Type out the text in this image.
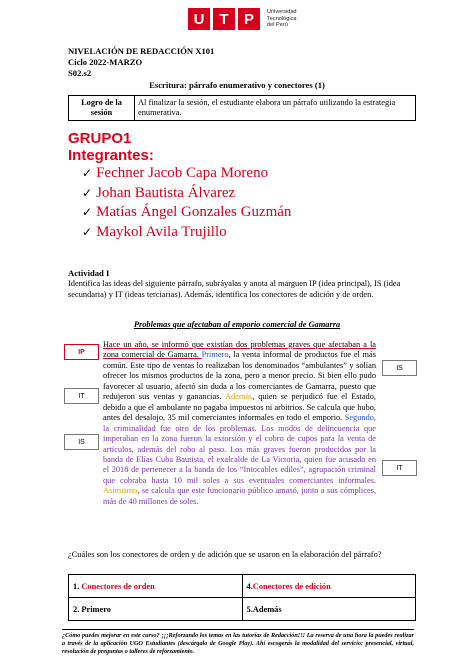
U T	P	Universidad
Tecnológica
del Perú
NIVELACIÓN DE REDACCIÓN X101
Ciclo 2022-MARZO
S02.s2
Escritura: párrafo enumerativo y conectores (1)
Logro de la sesión	Al finalizar la sesión, el estudiante elabora un párrafo utilizando la estrategia enumerativa.
GRUPO1
Integrantes:
✓ Fechner Jacob Capa Moreno
✓ Johan Bautista Álvarez
✓ Matías Ángel Gonzales Guzmán
✓ Maykol Avila Trujillo
Actividad I
Identifica las ideas del siguiente párrafo, subráyalas y anota al marguen IP (idea principal), IS (idea secundaria) y IT (ideas terciarias). Además, identifica los conectores de adición y de orden.
Problemas que afectaban al emporio comercial de Gamarra
Hace un año, se informó que existían dos problemas graves que afectaban a la zona comercial de Gamarra. Primero, la venta informal de productos fue el más común. Este tipo de ventas lo realizaban los denominados “ambulantes” y solían ofrecer los mismos productos de la zona, pero a menor precio. Si bien ello pudo favorecer al usuario, afectó sin duda a los comerciantes de Gamarra, puesto que redujeron sus ventas y ganancias. Además, quien se perjudicó fue el Estado, debido a que el ambulante no pagaba impuestos ni arbitrios. Se calcula que hubo, antes del desalojo, 35 mil comerciantes informales en todo el emporio. Segundo, la criminalidad fue otro de los problemas. Los modos de delincuencia que imperaban en la zona fueron la extorsión y el cobro de cupos para la venta de artículos, además del robo al paso. Los más graves fueron producidos por la banda de Elías Cuba Bautista, el exalcalde de La Victoria, quien fue acusado en el 2018 de pertenecer a la banda de los “Intocables ediles”, agrupación criminal que cobraba hasta 10 mil soles a sus eventuales comerciantes informales. Asimismo, se calcula que este funcionario público amasó, junto a sus cómplices, más de 40 millones de soles.
IP
IT
IS
IS
IT
¿Cuáles son los conectores de orden y de adición que se usaron en la elaboración del párrafo?
1. Conectores de orden	4.Conectores de edición
2. Primero	5.Además
¿Cómo puedes mejorar en este curso? ¡¡¡Reforzando los temas en las tutorías de Redacción!!! La reserva de una hora la puedes realizar a través de la aplicación UGO Estudiantes (descárgalo de Google Play). Ahí escogerás la modalidad del servicio: presencial, virtual, resolución de preguntas o talleres de reforzamiento.
